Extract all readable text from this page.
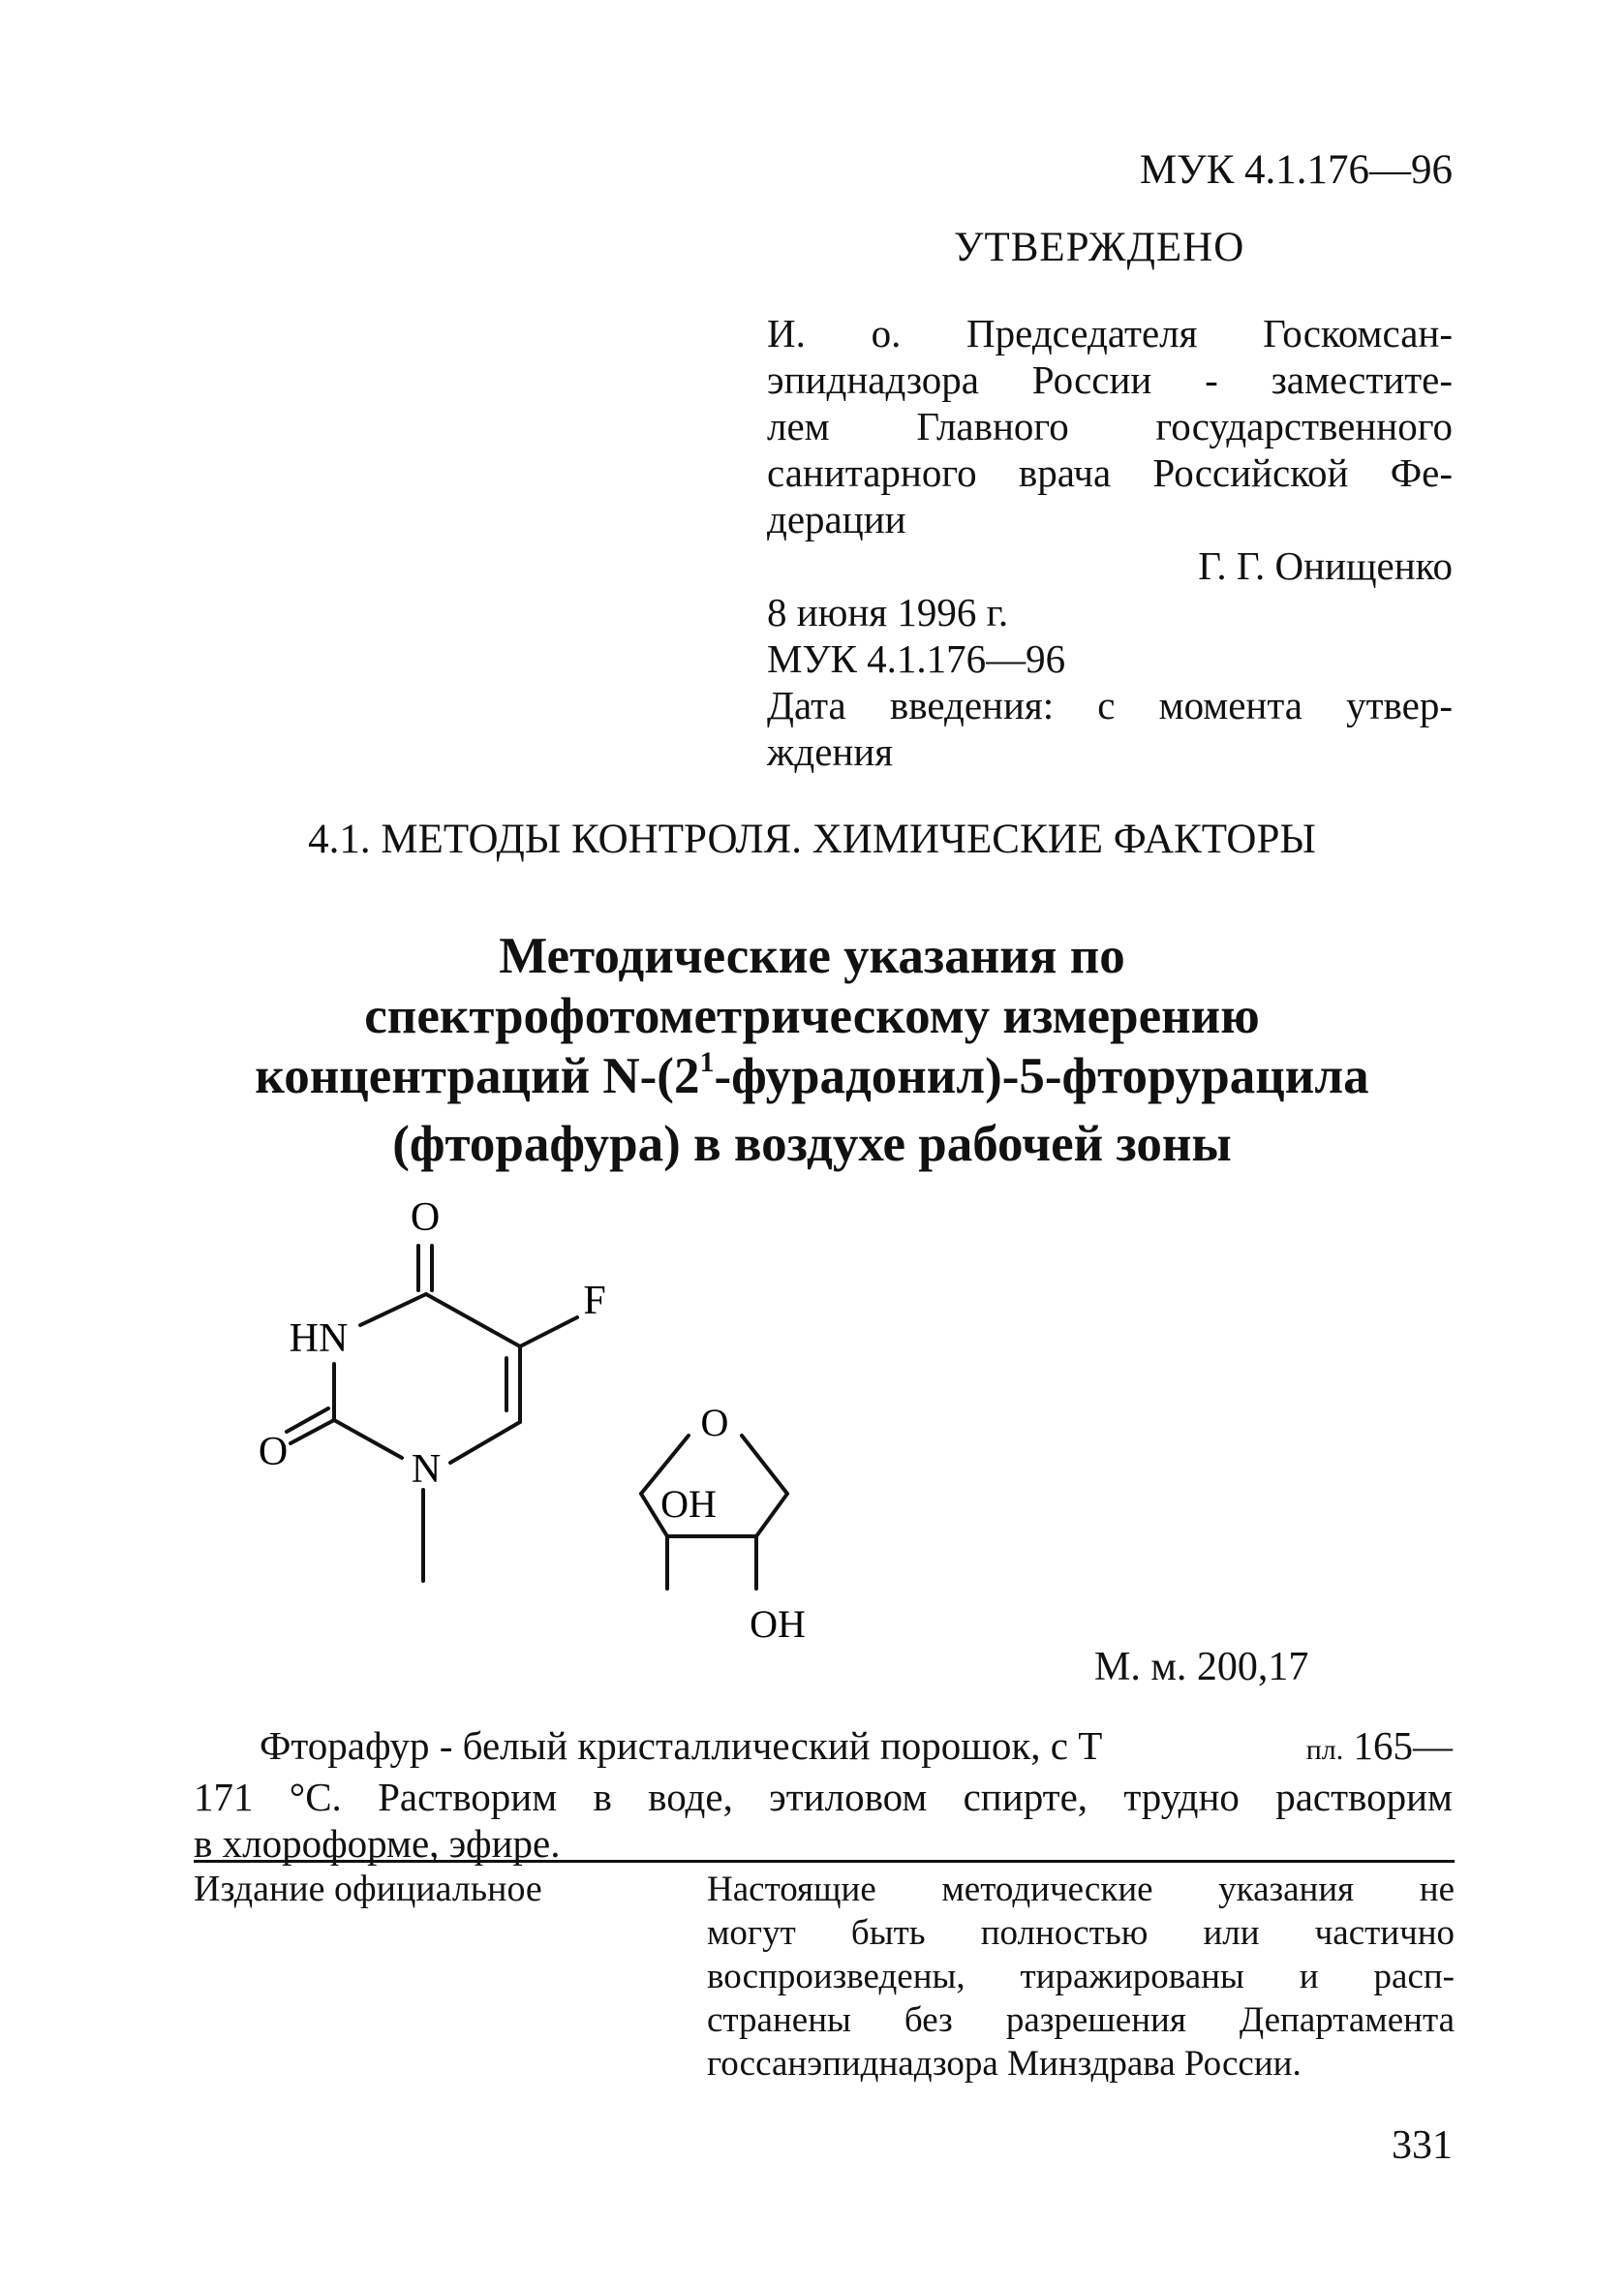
МУК 4.1.176—96
УТВЕРЖДЕНО
И. о. Председателя Госкомсан-
эпиднадзора России - заместите-
лем Главного государственного
санитарного врача Российской Фе-
дерации
Г. Г. Онищенко
8 июня 1996 г.
МУК 4.1.176—96
Дата введения: с момента утвер-
ждения
4.1. МЕТОДЫ КОНТРОЛЯ. ХИМИЧЕСКИЕ ФАКТОРЫ
Методические указания по
спектрофотометрическому измерению
концентраций $N-(2^1-фурадонил)-5$-фторурацила
(фторафура) в воздухе рабочей зоны
O
F
HN
O	N
O
OH
OH
М. м. 200,17
Фторафур - белый кристаллический порошок, с Т	пл. 165—
171 °С. Растворим в воде, этиловом спирте, трудно растворим
в хлороформе, эфире.
Издание официальное	Настоящие методические указания не
могут быть полностью или частично
воспроизведены, тиражированы и расп-
странены без разрешения Департамента
госсанэпиднадзора Минздрава России.
331
